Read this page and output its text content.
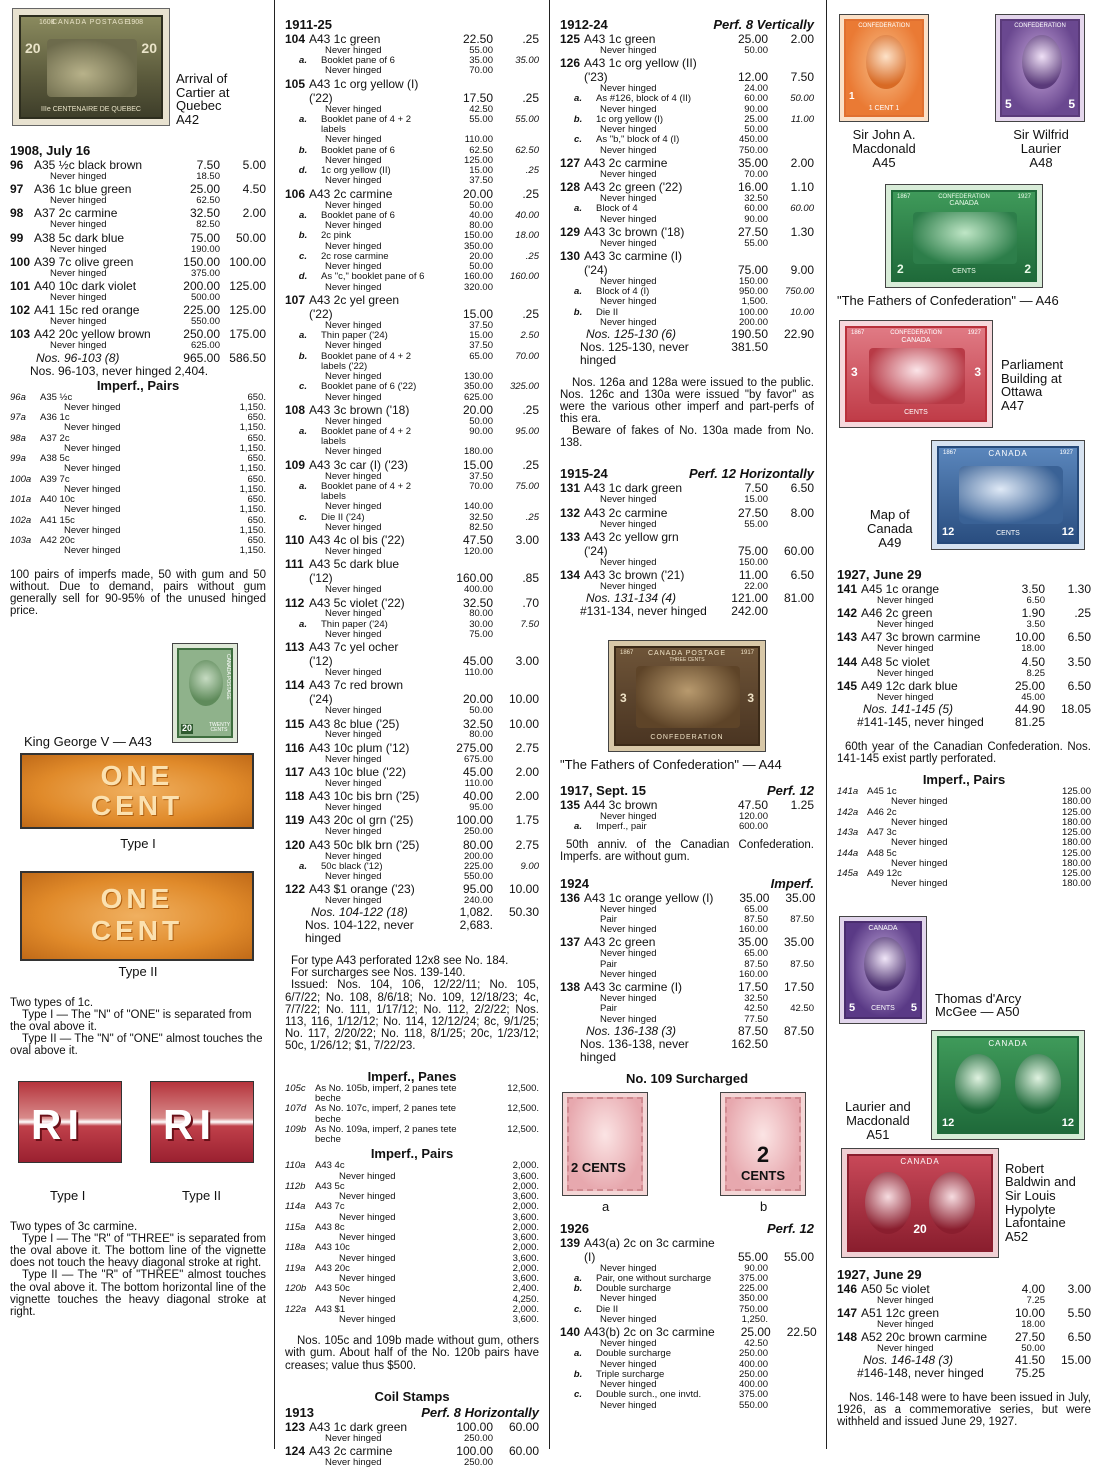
CANADA POSTAGE
1608	1908
20	20
IIIe CENTENAIRE DE QUEBEC
Arrival of
Cartier at
Quebec
A42
1908, July 16
96 A35 ½c black brown	7.50	5.00
Never hinged	18.50
97 A36 1c blue green	25.00	4.50
Never hinged	62.50
98 A37 2c carmine	32.50	2.00
Never hinged	82.50
99 A38 5c dark blue	75.00	50.00
Never hinged	190.00
100 A39 7c olive green	150.00 100.00
Never hinged	375.00
101 A40 10c dark violet	200.00 125.00
Never hinged	500.00
102 A41 15c red orange	225.00 125.00
Never hinged	550.00
103 A42 20c yellow brown	250.00 175.00
Never hinged	625.00
Nos. 96-103 (8)	965.00 586.50
Nos. 96-103, never hinged 2,404.
Imperf., Pairs
96a	A35 ½c	650.
Never hinged	1,150.
97a	A36 1c	650.
Never hinged	1,150.
98a	A37 2c	650.
Never hinged	1,150.
99a	A38 5c	650.
Never hinged	1,150.
100a A39 7c	650.
Never hinged	1,150.
101a A40 10c	650.
Never hinged	1,150.
102a A41 15c	650.
Never hinged	1,150.
103a A42 20c	650.
Never hinged	1,150.
100 pairs of imperfs made, 50 with gum and 50 without. Due to demand, pairs without gum generally sell for 90-95% of the unused hinged price.
CANADA POSTAGE
20	TWENTY CENTS
King George V — A43
ONE
CENT
Type I
ONE
CENT
Type II
Two types of 1c.
Type I — The "N" of "ONE" is separated from the oval above it.
Type II — The "N" of "ONE" almost touches the oval above it.
RI RI
Type I	Type II
Two types of 3c carmine.
Type I — The "R" of "THREE" is separated from the oval above it. The bottom line of the vignette does not touch the heavy diagonal stroke at right.
Type II — The "R" of "THREE" almost touches the oval above it. The bottom horizontal line of the vignette touches the heavy diagonal stroke at right.
1911-25
104 A43 1c green	22.50	.25
Never hinged	55.00
a.	Booklet pane of 6	35.00	35.00
Never hinged	70.00
105 A43 1c org yellow (I)
('22)	17.50	.25
Never hinged	42.50
a.	Booklet pane of 4 + 2 labels
55.00	55.00
Never hinged	110.00
b.	Booklet pane of 6	62.50	62.50
Never hinged	125.00
d.	1c org yellow (II)	15.00	.25
Never hinged	37.50
106 A43 2c carmine	20.00	.25
Never hinged	50.00
a.	Booklet pane of 6	40.00	40.00
Never hinged	80.00
b.	2c pink	150.00	18.00
Never hinged	350.00
c.	2c rose carmine	20.00	.25
Never hinged	50.00
d.	As "c," booklet pane of 6	160.00	160.00
Never hinged	320.00
107 A43 2c yel green
('22)	15.00	.25
Never hinged	37.50
a.	Thin paper ('24)	15.00	2.50
Never hinged	37.50
b.	Booklet pane of 4 + 2 labels ('22)
65.00	70.00
Never hinged	130.00
c.	Booklet pane of 6 ('22)	350.00	325.00
Never hinged	625.00
108 A43 3c brown ('18)	20.00	.25
Never hinged	50.00
a.	Booklet pane of 4 + 2 labels
90.00	95.00
Never hinged	180.00
109 A43 3c car (I) ('23)	15.00	.25
Never hinged	37.50
a.	Booklet pane of 4 + 2 labels
70.00	75.00
Never hinged	140.00
c.	Die II ('24)	32.50	.25
Never hinged	82.50
110 A43 4c ol bis ('22)	47.50	3.00
Never hinged	120.00
111 A43 5c dark blue
('12)	160.00	.85
Never hinged	400.00
112 A43 5c violet ('22)	32.50	.70
Never hinged	80.00
a.	Thin paper ('24)	30.00	7.50
Never hinged	75.00
113 A43 7c yel ocher
('12)	45.00	3.00
Never hinged	110.00
114 A43 7c red brown
('24)	20.00	10.00
Never hinged	50.00
115 A43 8c blue ('25)	32.50	10.00
Never hinged	80.00
116 A43 10c plum ('12)	275.00	2.75
Never hinged	675.00
117 A43 10c blue ('22)	45.00	2.00
Never hinged	110.00
118 A43 10c bis brn ('25)	40.00	2.00
Never hinged	95.00
119 A43 20c ol grn ('25)	100.00	1.75
Never hinged	250.00
120 A43 50c blk brn ('25)	80.00	2.75
Never hinged	200.00
a.	50c black ('12)	225.00	9.00
Never hinged	550.00
122 A43 $1 orange ('23)	95.00	10.00
Never hinged	240.00
Nos. 104-122 (18)	1,082.	50.30
Nos. 104-122, never hinged
2,683.
For type A43 perforated 12x8 see No. 184.
For surcharges see Nos. 139-140.
Issued: Nos. 104, 106, 12/22/11; No. 105, 6/7/22; No. 108, 8/6/18; No. 109, 12/18/23; 4c, 7/7/22; No. 111, 1/17/12; No. 112, 2/2/22; Nos. 113, 116, 1/12/12; No. 114, 12/12/24; 8c, 9/1/25; No. 117, 2/20/22; No. 118, 8/1/25; 20c, 1/23/12; 50c, 1/26/12; $1, 7/22/23.
Imperf., Panes
105c As No. 105b, imperf, 2 panes tete beche
12,500.
107d As No. 107c, imperf, 2 panes tete beche
12,500.
109b As No. 109a, imperf, 2 panes tete beche
12,500.
Imperf., Pairs
110a	A43 4c	2,000.
Never hinged	3,600.
112b	A43 5c	2,000.
Never hinged	3,600.
114a	A43 7c	2,000.
Never hinged	3,600.
115a	A43 8c	2,000.
Never hinged	3,600.
118a	A43 10c	2,000.
Never hinged	3,600.
119a	A43 20c	2,000.
Never hinged	3,600.
120b A43 50c	2,400.
Never hinged	4,250.
122a A43 $1	2,000.
Never hinged	3,600.
Nos. 105c and 109b made without gum, others with gum. About half of the No. 120b pairs have creases; value thus $500.
Coil Stamps
1913	Perf. 8 Horizontally
123 A43 1c dark green	100.00	60.00
Never hinged	250.00
124 A43 2c carmine	100.00	60.00
Never hinged	250.00
1912-24	Perf. 8 Vertically
125 A43 1c green	25.00	2.00
Never hinged	50.00
126 A43 1c org yellow (II)
('23)	12.00	7.50
Never hinged	24.00
a.	As #126, block of 4 (II)	60.00	50.00
Never hinged	90.00
b.	1c org yellow (I)	25.00	11.00
Never hinged	50.00
c.	As "b," block of 4 (I)	450.00
Never hinged	750.00
127 A43 2c carmine	35.00	2.00
Never hinged	70.00
128 A43 2c green ('22)	16.00	1.10
Never hinged	32.50
a.	Block of 4	60.00	60.00
Never hinged	90.00
129 A43 3c brown ('18)	27.50	1.30
Never hinged	55.00
130 A43 3c carmine (I)
('24)	75.00	9.00
Never hinged	150.00
a.	Block of 4 (I)	950.00	750.00
Never hinged	1,500.
b.	Die II	100.00	10.00
Never hinged	200.00
Nos. 125-130 (6)	190.50	22.90
Nos. 125-130, never hinged
381.50
Nos. 126a and 128a were issued to the public. Nos. 126c and 130a were issued "by favor" as were the various other imperf and part-perfs of this era.
Beware of fakes of No. 130a made from No. 138.
1915-24	Perf. 12 Horizontally
131 A43 1c dark green	7.50	6.50
Never hinged	15.00
132 A43 2c carmine	27.50	8.00
Never hinged	55.00
133 A43 2c yellow grn
('24)	75.00	60.00
Never hinged	150.00
134 A43 3c brown ('21)	11.00	6.50
Never hinged	22.00
Nos. 131-134 (4)	121.00	81.00
#131-134, never hinged	242.00
1867	CANADA POSTAGE	1917
THREE CENTS
3	3
CONFEDERATION
"The Fathers of Confederation" — A44
1917, Sept. 15	Perf. 12
135 A44 3c brown	47.50	1.25
Never hinged	120.00
a.	Imperf., pair	600.00
50th anniv. of the Canadian Confederation. Imperfs. are without gum.
1924	Imperf.
136 A43 1c orange yellow (I)	35.00	35.00
Never hinged	65.00
Pair	87.50	87.50
Never hinged	160.00
137 A43 2c green	35.00	35.00
Never hinged	65.00
Pair	87.50	87.50
Never hinged	160.00
138 A43 3c carmine (I)	17.50	17.50
Never hinged	32.50
Pair	42.50	42.50
Never hinged	77.50
Nos. 136-138 (3)	87.50	87.50
Nos. 136-138, never hinged
162.50
No. 109 Surcharged
2 CENTS
2
CENTS
a	b
1926	Perf. 12
139 A43(a) 2c on 3c carmine
(I)	55.00	55.00
Never hinged	90.00
a.	Pair, one without surcharge	375.00
b.	Double surcharge	225.00
Never hinged	350.00
c.	Die II	750.00
Never hinged	1,250.
140 A43(b) 2c on 3c carmine	25.00	22.50
Never hinged	42.50
a.	Double surcharge	250.00
Never hinged	400.00
b.	Triple surcharge	250.00
Never hinged	400.00
c.	Double surch., one invtd.	375.00
Never hinged	550.00
CONFEDERATION
1
1 CENT 1
CONFEDERATION
5	5
Sir John A.
Macdonald
A45
Sir Wilfrid
Laurier
A48
1867	CONFEDERATION	1927
CANADA
2	2
CENTS
"The Fathers of Confederation" — A46
1867	CONFEDERATION	1927
CANADA
3	3
CENTS
Parliament
Building at
Ottawa
A47
1867	CANADA	1927
12	12
CENTS
Map of
Canada
A49
1927, June 29
141 A45 1c orange	3.50	1.30
Never hinged	6.50
142 A46 2c green	1.90	.25
Never hinged	3.50
143 A47 3c brown carmine	10.00	6.50
Never hinged	18.00
144 A48 5c violet	4.50	3.50
Never hinged	8.25
145 A49 12c dark blue	25.00	6.50
Never hinged	45.00
Nos. 141-145 (5)	44.90	18.05
#141-145, never hinged	81.25
60th year of the Canadian Confederation. Nos. 141-145 exist partly perforated.
Imperf., Pairs
141a A45 1c	125.00
Never hinged	180.00
142a A46 2c	125.00
Never hinged	180.00
143a A47 3c	125.00
Never hinged	180.00
144a A48 5c	125.00
Never hinged	180.00
145a A49 12c	125.00
Never hinged	180.00
CANADA
5	CENTS	5
Thomas d'Arcy
McGee — A50
CANADA
12	12
Laurier and
Macdonald
A51
CANADA
20
Robert
Baldwin and
Sir Louis
Hypolyte
Lafontaine
A52
1927, June 29
146 A50 5c violet	4.00	3.00
Never hinged	7.25
147 A51 12c green	10.00	5.50
Never hinged	18.00
148 A52 20c brown carmine	27.50	6.50
Never hinged	50.00
Nos. 146-148 (3)	41.50	15.00
#146-148, never hinged	75.25
Nos. 146-148 were to have been issued in July, 1926, as a commemorative series, but were withheld and issued June 29, 1927.
